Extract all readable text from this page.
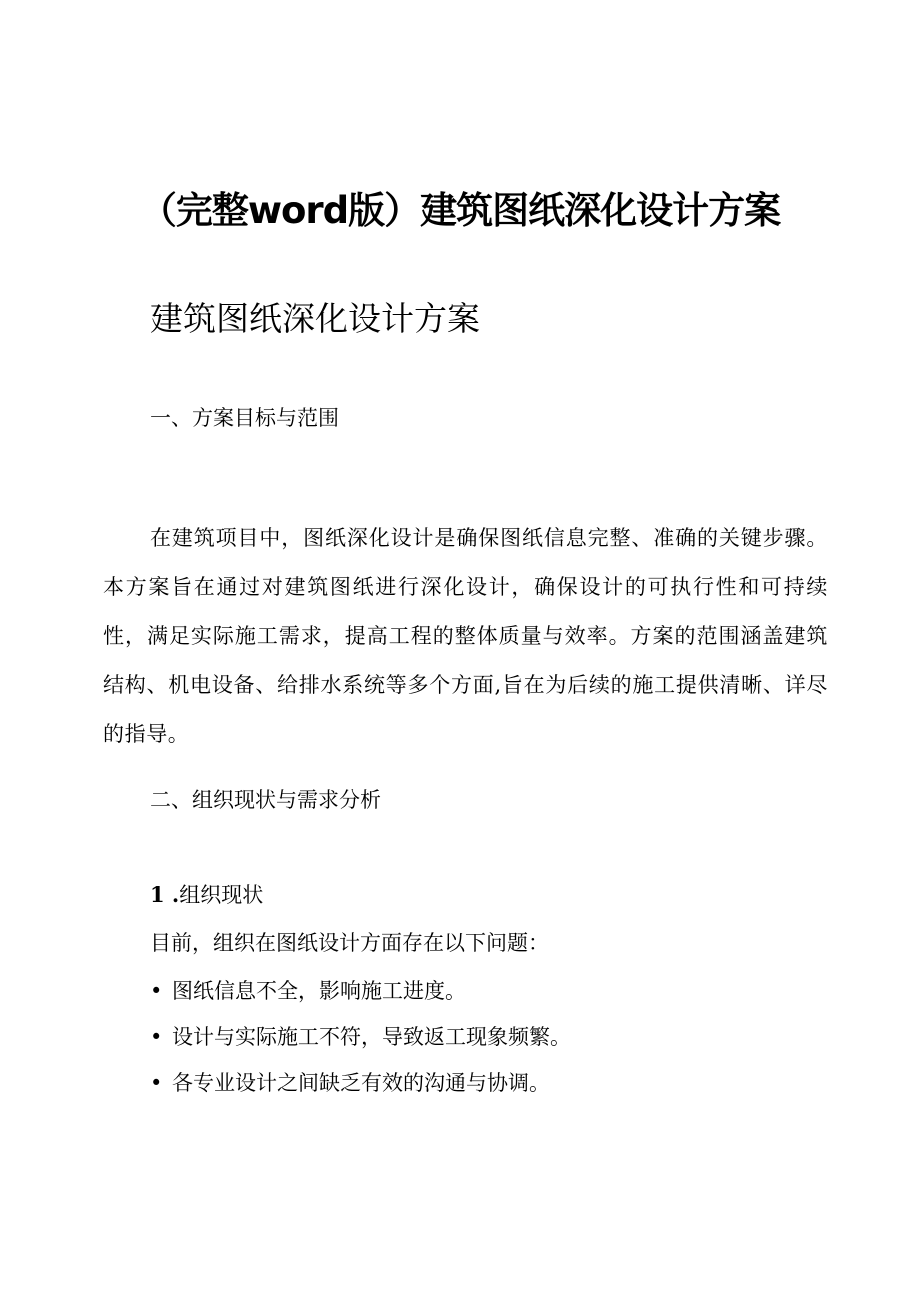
（完整word版）建筑图纸深化设计方案
建筑图纸深化设计方案
一、方案目标与范围

在建筑项目中，图纸深化设计是确保图纸信息完整、准确的关键步骤。本方案旨在通过对建筑图纸进行深化设计，确保设计的可执行性和可持续性，满足实际施工需求，提高工程的整体质量与效率。方案的范围涵盖建筑结构、机电设备、给排水系统等多个方面,旨在为后续的施工提供清晰、详尽的指导。

二、组织现状与需求分析
1 .组织现状
目前，组织在图纸设计方面存在以下问题：
• 图纸信息不全，影响施工进度。
• 设计与实际施工不符，导致返工现象频繁。
• 各专业设计之间缺乏有效的沟通与协调。
